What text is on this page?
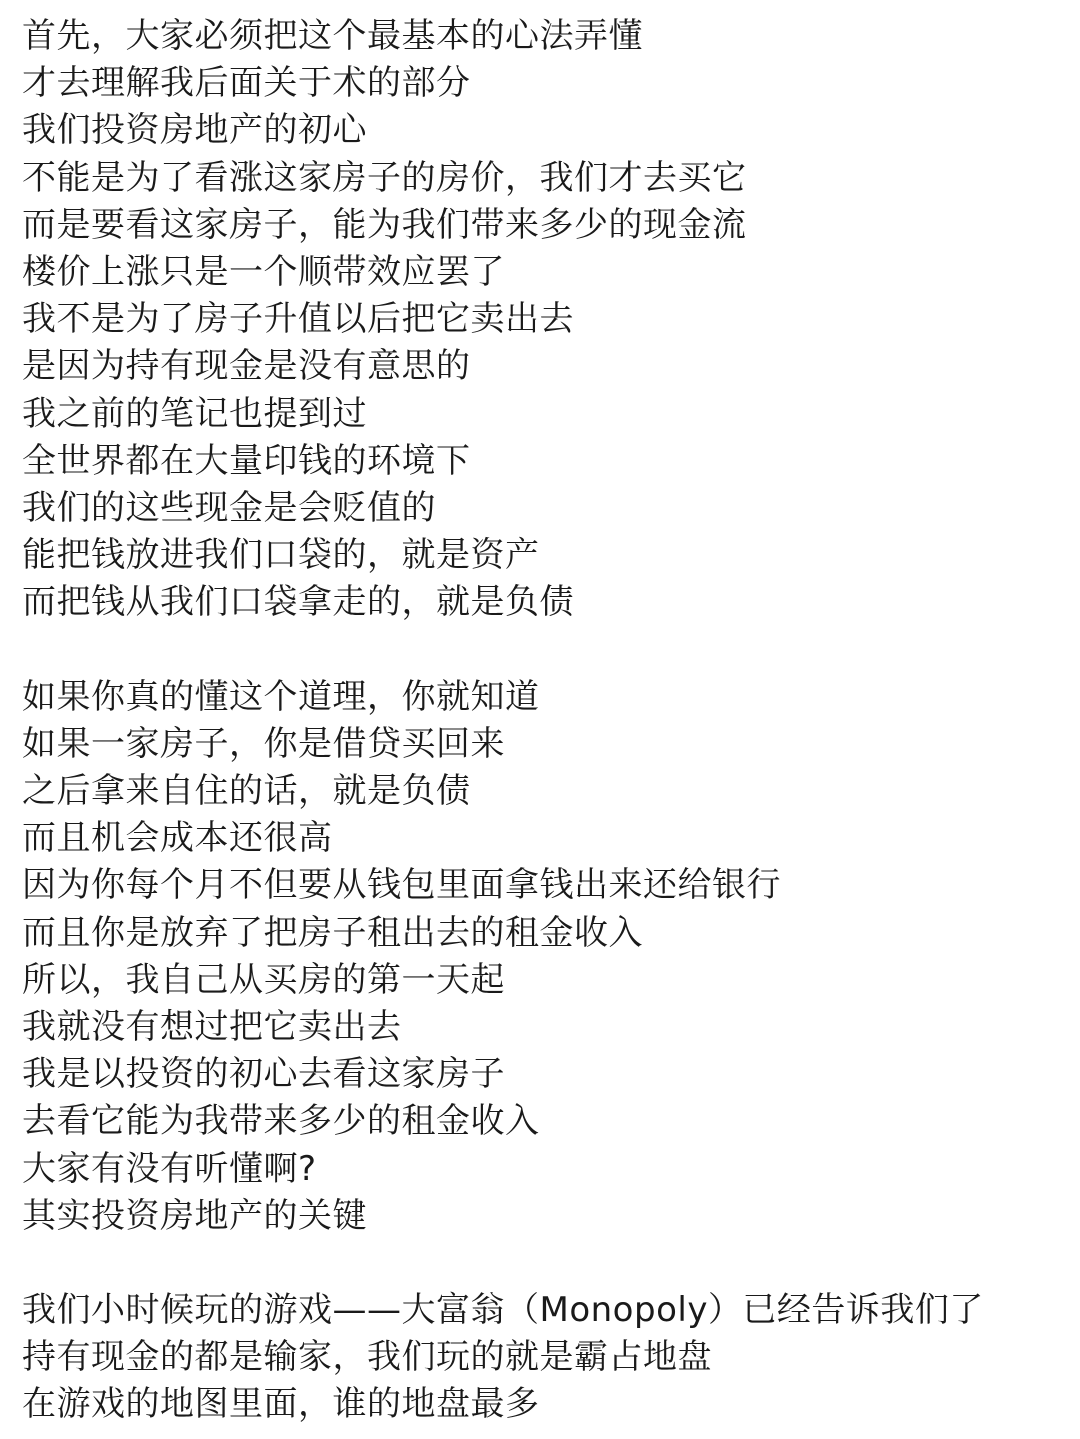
首先，大家必须把这个最基本的心法弄懂
才去理解我后面关于术的部分
我们投资房地产的初心
不能是为了看涨这家房子的房价，我们才去买它
而是要看这家房子，能为我们带来多少的现金流
楼价上涨只是一个顺带效应罢了
我不是为了房子升值以后把它卖出去
是因为持有现金是没有意思的
我之前的笔记也提到过
全世界都在大量印钱的环境下
我们的这些现金是会贬值的
能把钱放进我们口袋的，就是资产
而把钱从我们口袋拿走的，就是负债
如果你真的懂这个道理，你就知道
如果一家房子，你是借贷买回来
之后拿来自住的话，就是负债
而且机会成本还很高
因为你每个月不但要从钱包里面拿钱出来还给银行
而且你是放弃了把房子租出去的租金收入
所以，我自己从买房的第一天起
我就没有想过把它卖出去
我是以投资的初心去看这家房子
去看它能为我带来多少的租金收入
大家有没有听懂啊?
其实投资房地产的关键
我们小时候玩的游戏——大富翁（Monopoly）已经告诉我们了
持有现金的都是输家，我们玩的就是霸占地盘
在游戏的地图里面，谁的地盘最多
